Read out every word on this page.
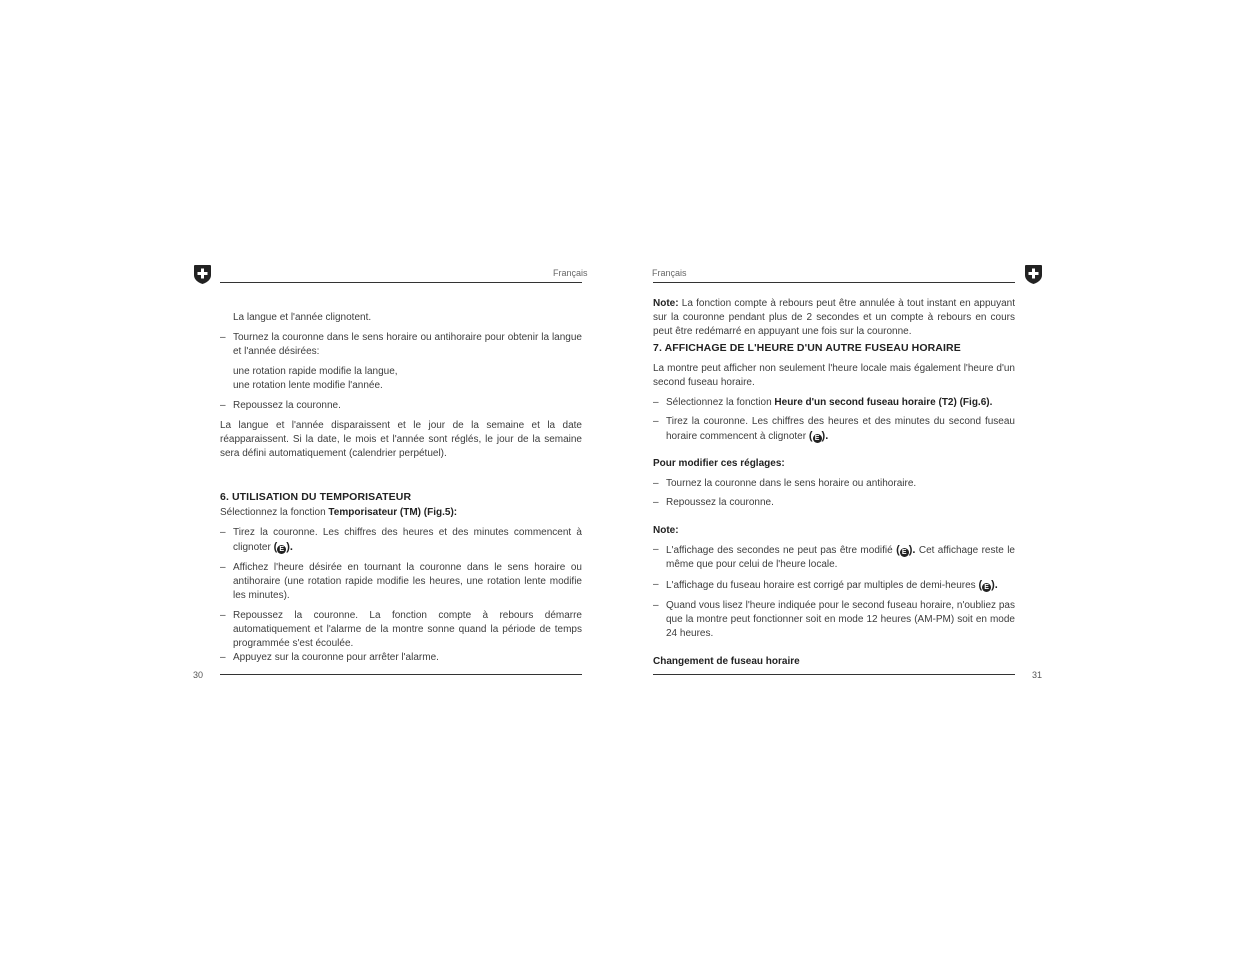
Français

La langue et l'année clignotent.

– Tournez la couronne dans le sens horaire ou antihoraire pour obtenir la langue et l'année désirées:

une rotation rapide modifie la langue,
une rotation lente modifie l'année.

– Repoussez la couronne.

La langue et l'année disparaissent et le jour de la semaine et la date réapparaissent. Si la date, le mois et l'année sont réglés, le jour de la semaine sera défini automatiquement (calendrier perpétuel).

6. UTILISATION DU TEMPORISATEUR

Sélectionnez la fonction Temporisateur (TM) (Fig.5):

– Tirez la couronne. Les chiffres des heures et des minutes commencent à clignoter ( E ).

– Affichez l'heure désirée en tournant la couronne dans le sens horaire ou antihoraire (une rotation rapide modifie les heures, une rotation lente modifie les minutes).

– Repoussez la couronne. La fonction compte à rebours démarre automatiquement et l'alarme de la montre sonne quand la période de temps programmée s'est écoulée.

– Appuyez sur la couronne pour arrêter l'alarme.

30
Français

Note: La fonction compte à rebours peut être annulée à tout instant en appuyant sur la couronne pendant plus de 2 secondes et un compte à rebours en cours peut être redémarré en appuyant une fois sur la couronne.

7. AFFICHAGE DE L'HEURE D'UN AUTRE FUSEAU HORAIRE

La montre peut afficher non seulement l'heure locale mais également l'heure d'un second fuseau horaire.

– Sélectionnez la fonction Heure d'un second fuseau horaire (T2) (Fig.6).

– Tirez la couronne. Les chiffres des heures et des minutes du second fuseau horaire commencent à clignoter ( E ).

Pour modifier ces réglages:

– Tournez la couronne dans le sens horaire ou antihoraire.

– Repoussez la couronne.

Note:

– L'affichage des secondes ne peut pas être modifié ( E ). Cet affichage reste le même que pour celui de l'heure locale.

– L'affichage du fuseau horaire est corrigé par multiples de demi-heures ( E ).

– Quand vous lisez l'heure indiquée pour le second fuseau horaire, n'oubliez pas que la montre peut fonctionner soit en mode 12 heures (AM-PM) soit en mode 24 heures.

Changement de fuseau horaire

31
